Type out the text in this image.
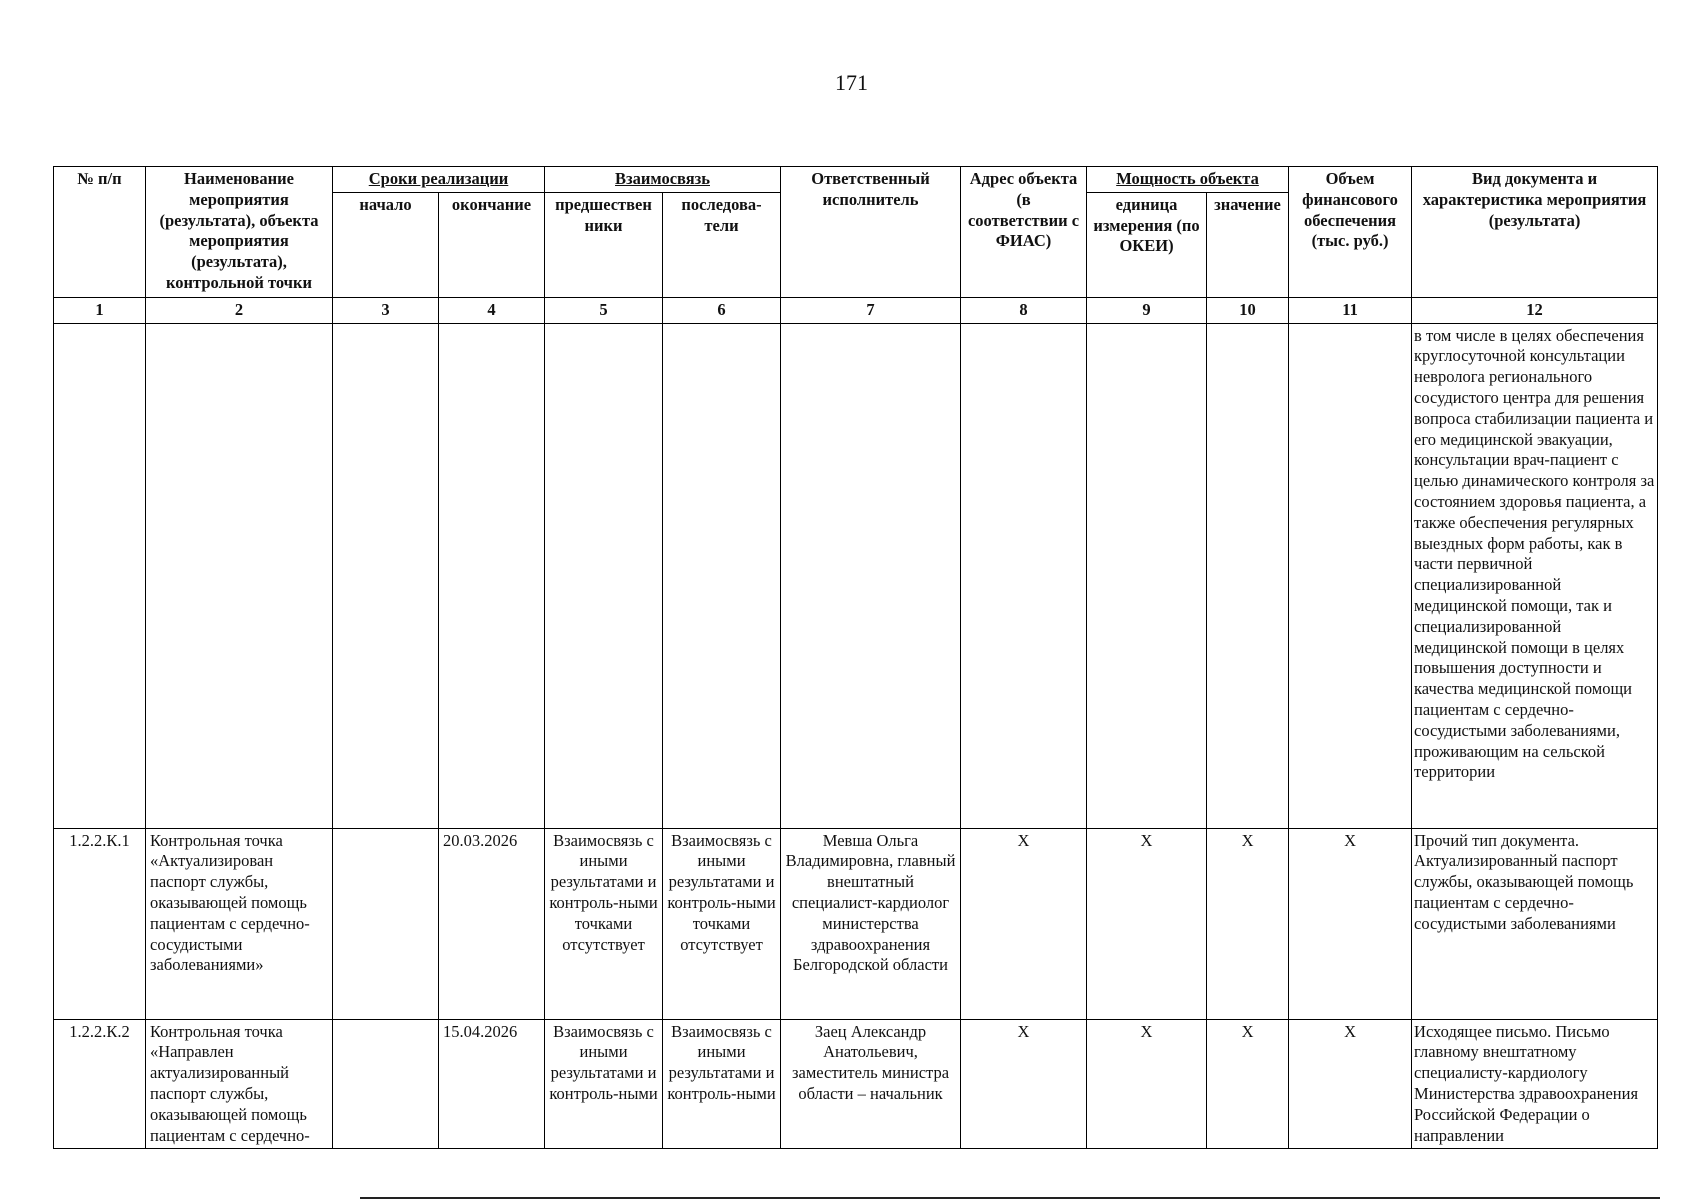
171
№ п/п	Наименование мероприятия (результата), объекта мероприятия (результата), контрольной точки	Сроки реализации		Взаимосвязь		Ответственный исполнитель	Адрес объекта (в соответствии с ФИАС)	Мощность объекта		Объем финансового обеспечения (тыс. руб.)	Вид документа и характеристика мероприятия (результата)
		начало	окончание	предшествен ники	последова- тели			единица измерения (по ОКЕИ)	значение		
1	2	3	4	5	6	7	8	9	10	11	12
											в том числе в целях обеспечения круглосуточной консультации невролога регионального сосудистого центра для решения вопроса стабилизации пациента и его медицинской эвакуации, консультации врач-пациент с целью динамического контроля за состоянием здоровья пациента, а также обеспечения регулярных выездных форм работы, как в части первичной специализированной медицинской помощи, так и специализированной медицинской помощи в целях повышения доступности и качества медицинской помощи пациентам с сердечно-сосудистыми заболеваниями, проживающим на сельской территории
1.2.2.К.1	Контрольная точка «Актуализирован паспорт службы, оказывающей помощь пациентам с сердечно-сосудистыми заболеваниями»		20.03.2026	Взаимосвязь с иными результатами и контроль-ными точками отсутствует	Взаимосвязь с иными результатами и контроль-ными точками отсутствует	Мевша Ольга Владимировна, главный внештатный специалист-кардиолог министерства здравоохранения Белгородской области	X	X	X	X	Прочий тип документа. Актуализированный паспорт службы, оказывающей помощь пациентам с сердечно-сосудистыми заболеваниями
1.2.2.К.2	Контрольная точка «Направлен актуализированный паспорт службы, оказывающей помощь пациентам с сердечно-		15.04.2026	Взаимосвязь с иными результатами и контроль-ными	Взаимосвязь с иными результатами и контроль-ными	Заец Александр Анатольевич, заместитель министра области – начальник	X	X	X	X	Исходящее письмо. Письмо главному внештатному специалисту-кардиологу Министерства здравоохранения Российской Федерации о направлении
